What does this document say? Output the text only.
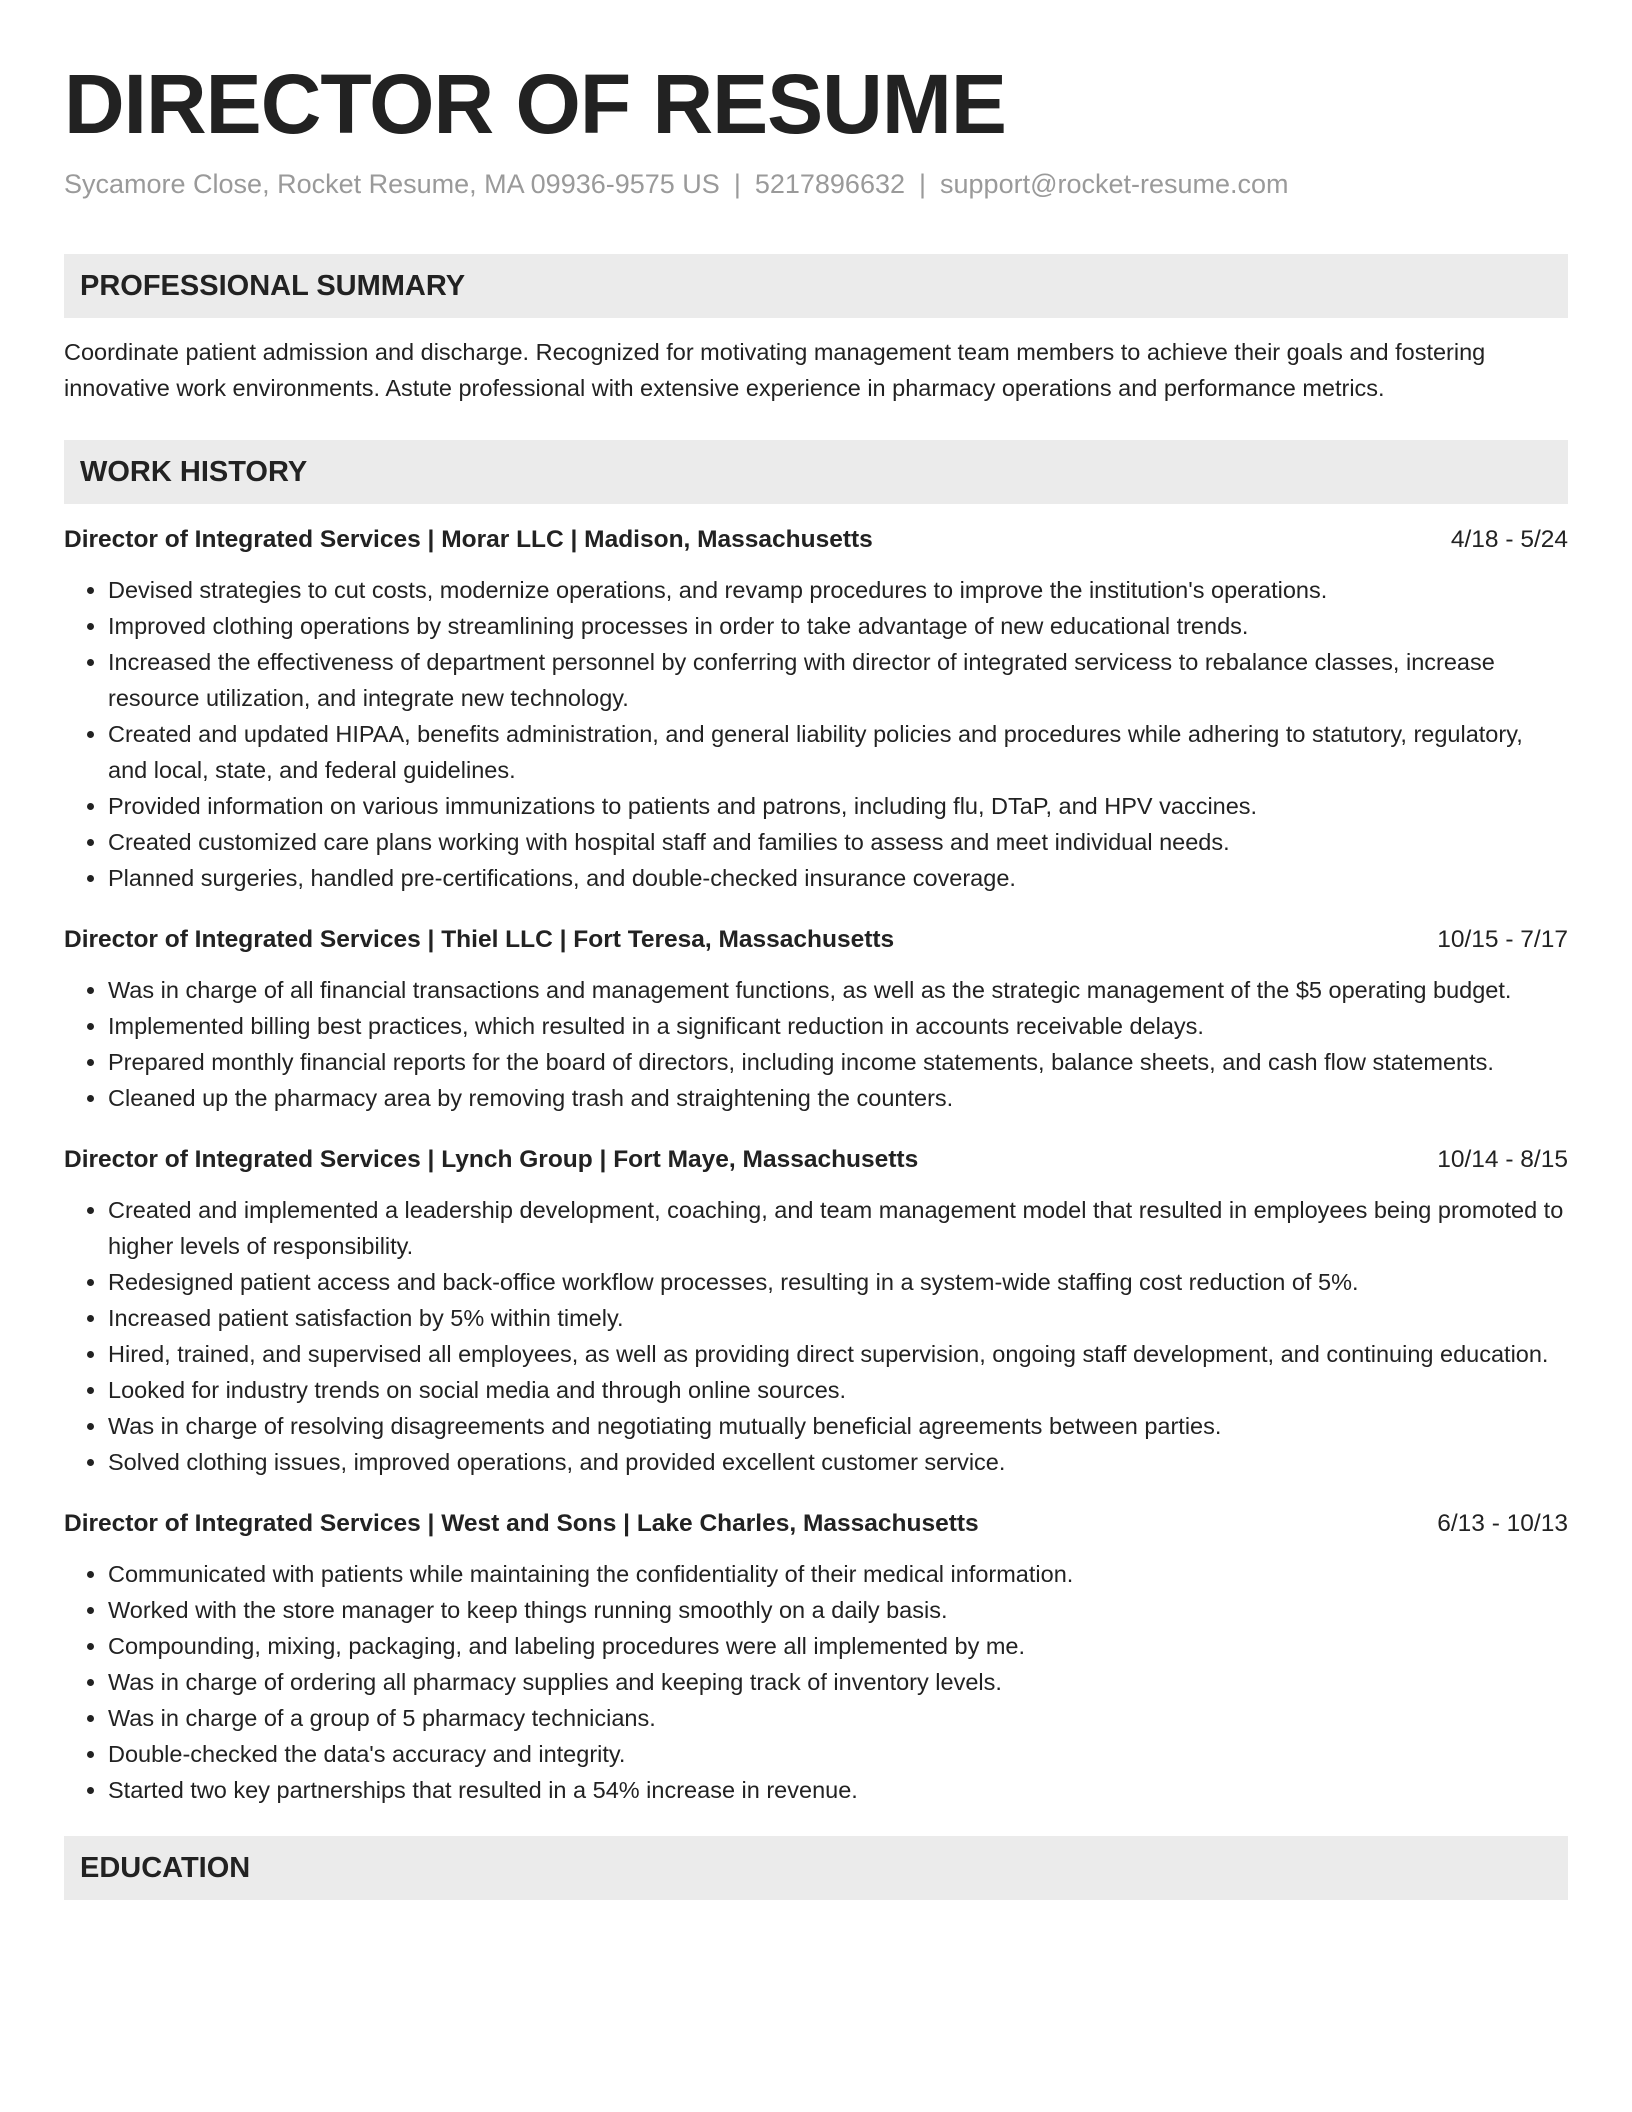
DIRECTOR OF RESUME
Sycamore Close, Rocket Resume, MA 09936-9575 US | 5217896632 | support@rocket-resume.com
PROFESSIONAL SUMMARY
Coordinate patient admission and discharge. Recognized for motivating management team members to achieve their goals and fostering innovative work environments. Astute professional with extensive experience in pharmacy operations and performance metrics.
WORK HISTORY
Director of Integrated Services | Morar LLC | Madison, Massachusetts	4/18 - 5/24
• Devised strategies to cut costs, modernize operations, and revamp procedures to improve the institution's operations.
• Improved clothing operations by streamlining processes in order to take advantage of new educational trends.
• Increased the effectiveness of department personnel by conferring with director of integrated servicess to rebalance classes, increase resource utilization, and integrate new technology.
• Created and updated HIPAA, benefits administration, and general liability policies and procedures while adhering to statutory, regulatory, and local, state, and federal guidelines.
• Provided information on various immunizations to patients and patrons, including flu, DTaP, and HPV vaccines.
• Created customized care plans working with hospital staff and families to assess and meet individual needs.
• Planned surgeries, handled pre-certifications, and double-checked insurance coverage.
Director of Integrated Services | Thiel LLC | Fort Teresa, Massachusetts	10/15 - 7/17
• Was in charge of all financial transactions and management functions, as well as the strategic management of the $5 operating budget.
• Implemented billing best practices, which resulted in a significant reduction in accounts receivable delays.
• Prepared monthly financial reports for the board of directors, including income statements, balance sheets, and cash flow statements.
• Cleaned up the pharmacy area by removing trash and straightening the counters.
Director of Integrated Services | Lynch Group | Fort Maye, Massachusetts	10/14 - 8/15
• Created and implemented a leadership development, coaching, and team management model that resulted in employees being promoted to higher levels of responsibility.
• Redesigned patient access and back-office workflow processes, resulting in a system-wide staffing cost reduction of 5%.
• Increased patient satisfaction by 5% within timely.
• Hired, trained, and supervised all employees, as well as providing direct supervision, ongoing staff development, and continuing education.
• Looked for industry trends on social media and through online sources.
• Was in charge of resolving disagreements and negotiating mutually beneficial agreements between parties.
• Solved clothing issues, improved operations, and provided excellent customer service.
Director of Integrated Services | West and Sons | Lake Charles, Massachusetts	6/13 - 10/13
• Communicated with patients while maintaining the confidentiality of their medical information.
• Worked with the store manager to keep things running smoothly on a daily basis.
• Compounding, mixing, packaging, and labeling procedures were all implemented by me.
• Was in charge of ordering all pharmacy supplies and keeping track of inventory levels.
• Was in charge of a group of 5 pharmacy technicians.
• Double-checked the data's accuracy and integrity.
• Started two key partnerships that resulted in a 54% increase in revenue.
EDUCATION
